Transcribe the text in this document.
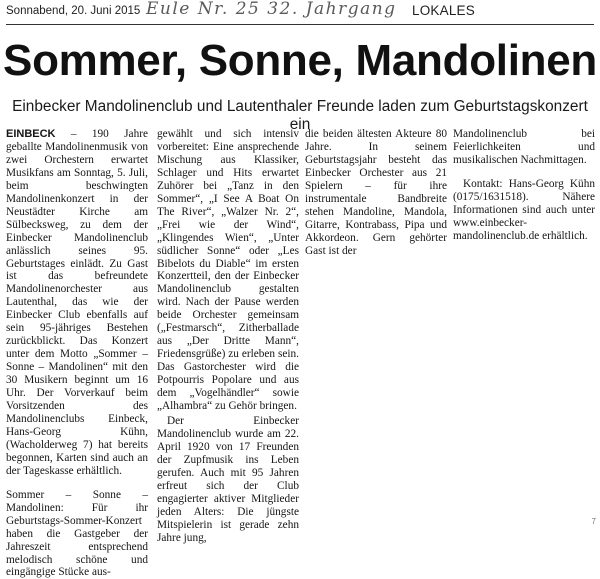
Sonnabend, 20. Juni 2015 Eule Nr. 25 32. Jahrgang LOKALES
Sommer, Sonne, Mandolinen
Einbecker Mandolinenclub und Lautenthaler Freunde laden zum Geburtstagskonzert ein

EINBECK – 190 Jahre geballte Mandolinenmusik von zwei Orchestern erwartet Musikfans am Sonntag, 5. Juli, beim beschwingten Mandolinenkonzert in der Neustädter Kirche am Sülbecksweg, zu dem der Einbecker Mandolinenclub anlässlich seines 95. Geburtstages einlädt. Zu Gast ist das befreundete Mandolinenorchester aus Lautenthal, das wie der Einbecker Club ebenfalls auf sein 95-jähriges Bestehen zurückblickt. Das Konzert unter dem Motto „Sommer – Sonne – Mandolinen“ mit den 30 Musikern beginnt um 16 Uhr. Der Vorverkauf beim Vorsitzenden des Mandolinenclubs Einbeck, Hans-Georg Kühn, (Wacholderweg 7) hat bereits begonnen, Karten sind auch an der Tageskasse erhältlich.

Sommer – Sonne – Mandolinen: Für ihr Geburtstags-Sommer-Konzert haben die Gastgeber der Jahreszeit entsprechend melodisch schöne und eingängige Stücke aus-

gewählt und sich intensiv vorbereitet: Eine ansprechende Mischung aus Klassiker, Schlager und Hits erwartet Zuhörer bei „Tanz in den Sommer“, „I See A Boat On The River“, „Walzer Nr. 2“, „Frei wie der Wind“, „Klingendes Wien“, „Unter südlicher Sonne“ oder „Les Bibelots du Diable“ im ersten Konzertteil, den der Einbecker Mandolinenclub gestalten wird. Nach der Pause werden beide Orchester gemeinsam („Festmarsch“, Zitherballade aus „Der Dritte Mann“, Friedensgrüße) zu erleben sein. Das Gastorchester wird die Potpourris Popolare und aus dem „Vogelhändler“ sowie „Alhambra“ zu Gehör bringen.

Der Einbecker Mandolinenclub wurde am 22. April 1920 von 17 Freunden der Zupfmusik ins Leben gerufen. Auch mit 95 Jahren erfreut sich der Club engagierter aktiver Mitglieder jeden Alters: Die jüngste Mitspielerin ist gerade zehn Jahre jung,

die beiden ältesten Akteure 80 Jahre. In seinem Geburtstagsjahr besteht das Einbecker Orchester aus 21 Spielern – für ihre instrumentale Bandbreite stehen Mandoline, Mandola, Gitarre, Kontrabass, Pipa und Akkordeon. Gern gehörter Gast ist der

Mandolinenclub bei Feierlichkeiten und musikalischen Nachmittagen.

Kontakt: Hans-Georg Kühn (0175/1631518). Nähere Informationen sind auch unter www.einbecker-mandolinenclub.de erhältlich.

7
